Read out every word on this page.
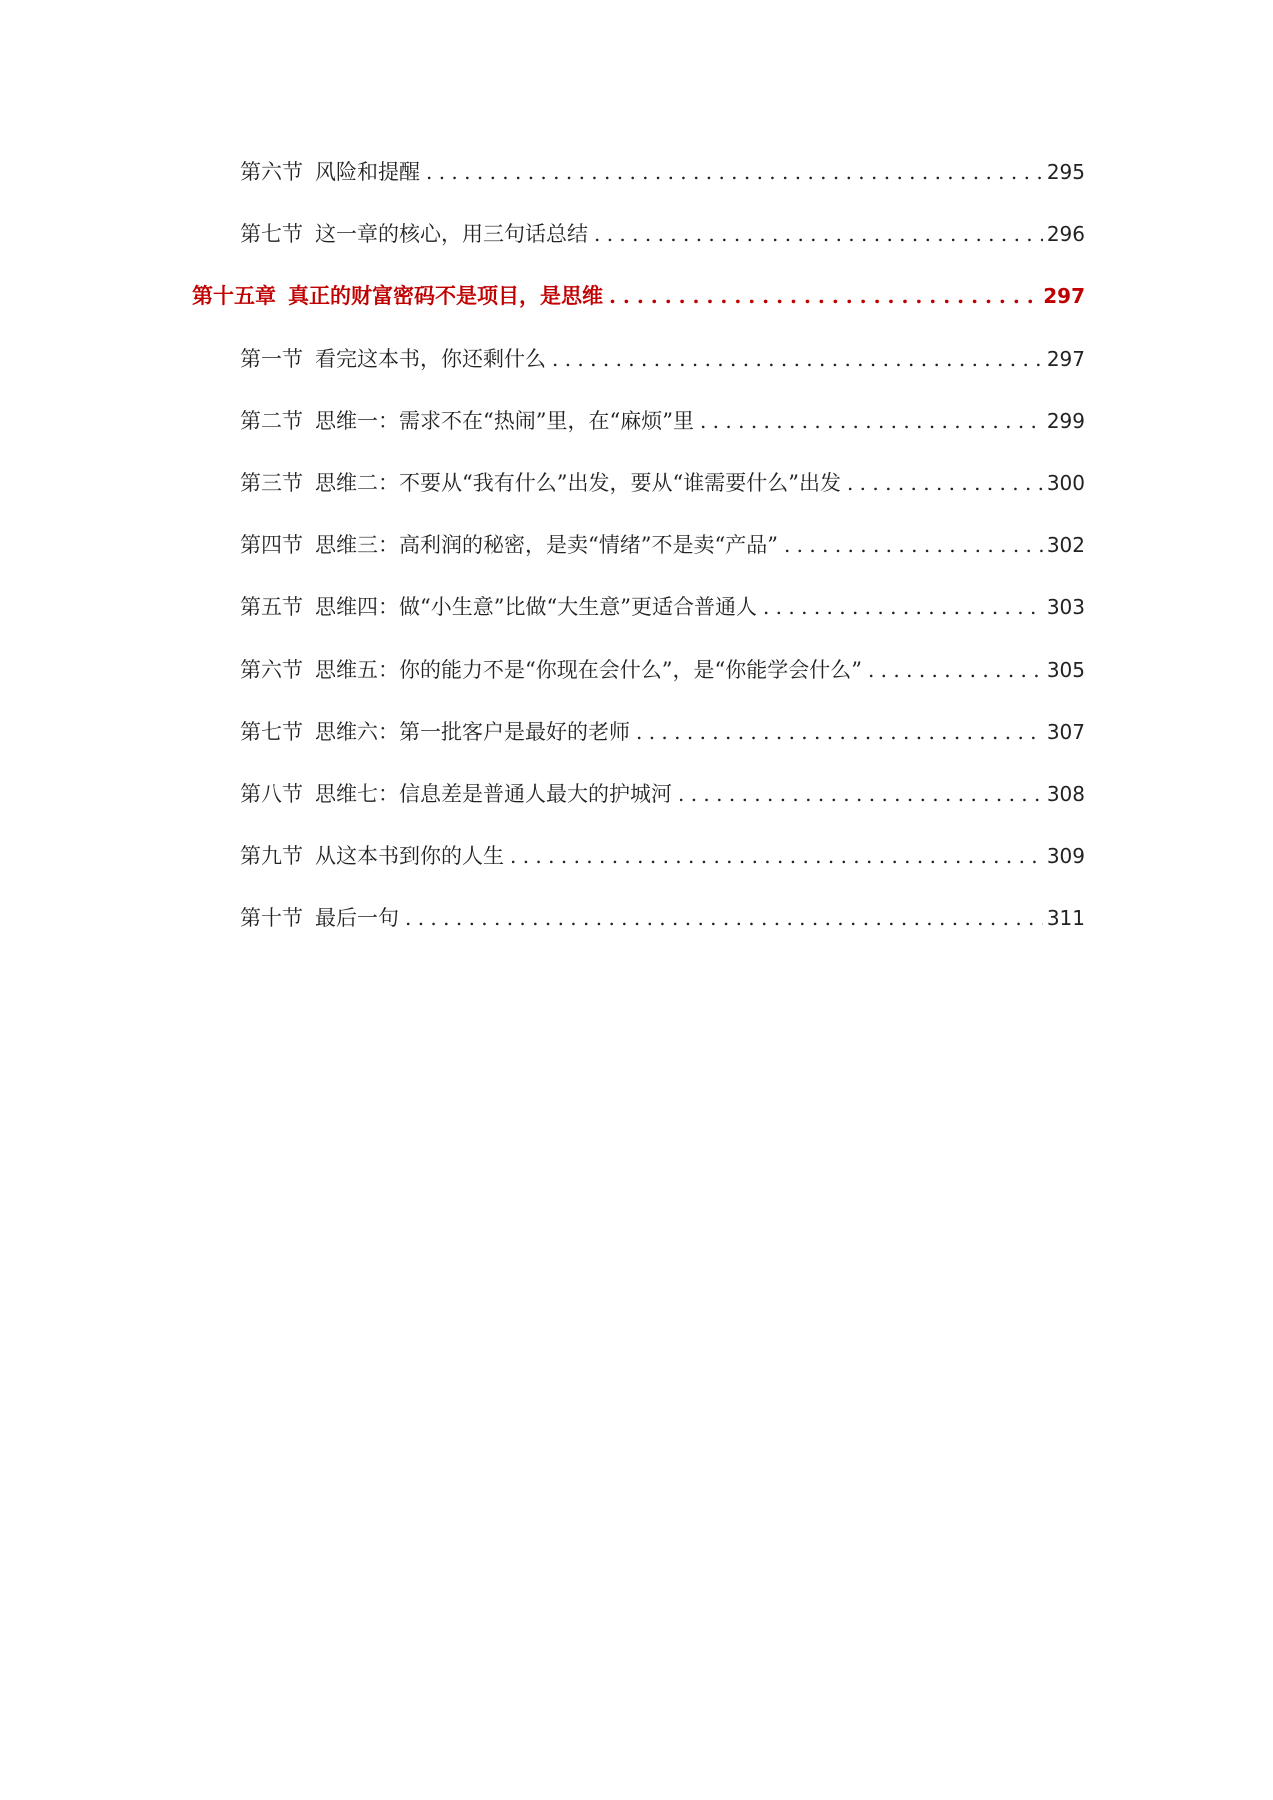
第六节 风险和提醒 . . .	295
第七节 这一章的核心，用三句话总结 . . .	296
第十五章 真正的财富密码不是项目，是思维 . . .	297
第一节 看完这本书，你还剩什么 . . .	297
第二节 思维一：需求不在“热闹”里，在“麻烦”里 . . .	299
第三节 思维二：不要从“我有什么”出发，要从“谁需要什么”出发 . . .	300
第四节 思维三：高利润的秘密，是卖“情绪”不是卖“产品” . . .	302
第五节 思维四：做“小生意”比做“大生意”更适合普通人 . . .	303
第六节 思维五：你的能力不是“你现在会什么”，是“你能学会什么” . . .	305
第七节 思维六：第一批客户是最好的老师 . . .	307
第八节 思维七：信息差是普通人最大的护城河 . . .	308
第九节 从这本书到你的人生 . . .	309
第十节 最后一句 . . .	311
